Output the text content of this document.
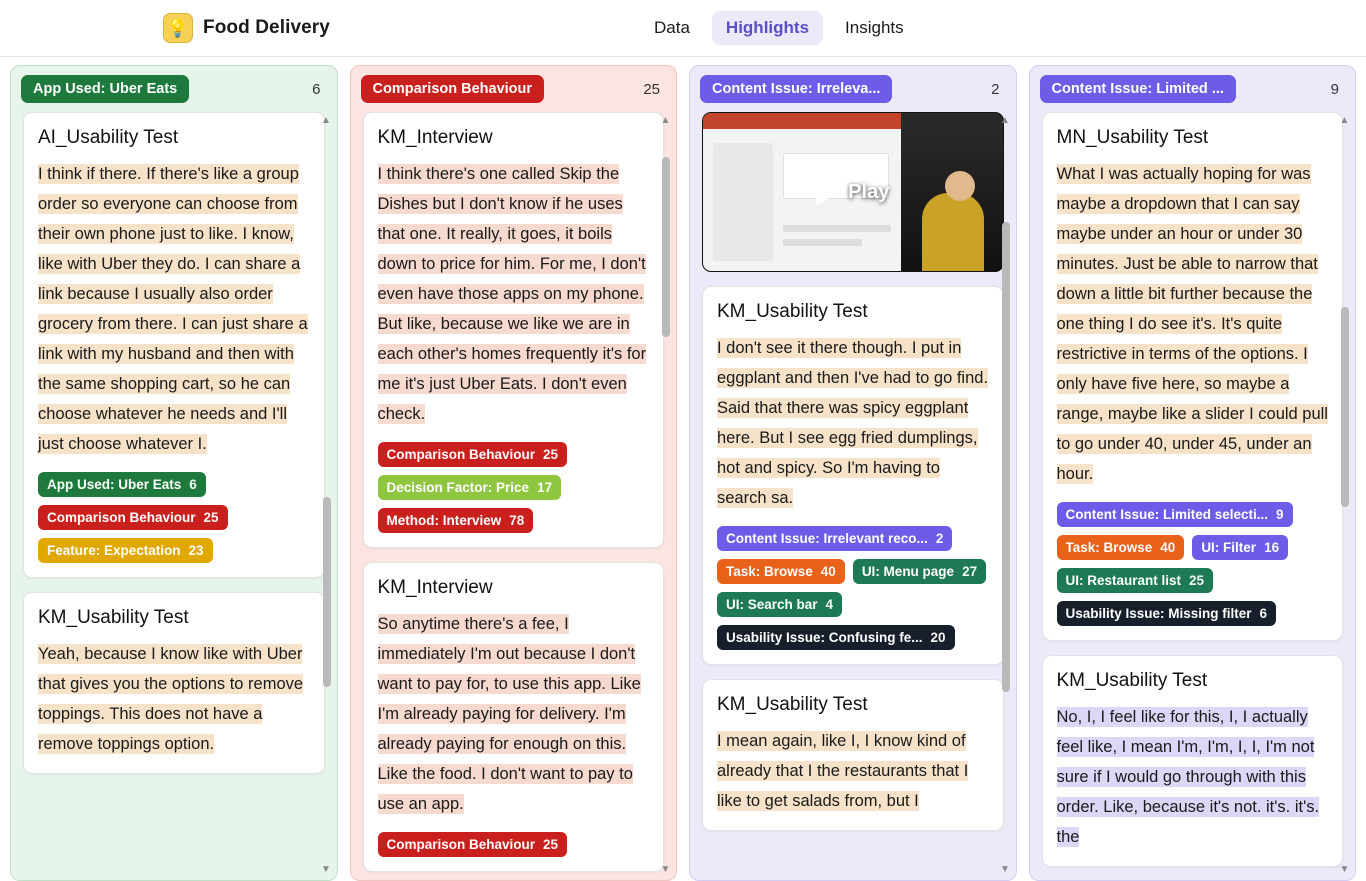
💡 Food Delivery	Data	Highlights	Insights
App Used: Uber Eats	6
AI_Usability Test
I think if there. If there's like a group order so everyone can choose from their own phone just to like. I know, like with Uber they do. I can share a link because I usually also order grocery from there. I can just share a link with my husband and then with the same shopping cart, so he can choose whatever he needs and I'll just choose whatever I.
App Used: Uber Eats 6
Comparison Behaviour 25
Feature: Expectation 23
KM_Usability Test
Yeah, because I know like with Uber that gives you the options to remove toppings. This does not have a remove toppings option.
▲
▼
Comparison Behaviour	25
KM_Interview
I think there's one called Skip the Dishes but I don't know if he uses that one. It really, it goes, it boils down to price for him. For me, I don't even have those apps on my phone. But like, because we like we are in each other's homes frequently it's for me it's just Uber Eats. I don't even check.
Comparison Behaviour 25
Decision Factor: Price 17
Method: Interview 78
KM_Interview
So anytime there's a fee, I immediately I'm out because I don't want to pay for, to use this app. Like I'm already paying for delivery. I'm already paying for enough on this. Like the food. I don't want to pay to use an app.
Comparison Behaviour 25
▲
▼
Content Issue: Irreleva...	2
Play
KM_Usability Test
I don't see it there though. I put in eggplant and then I've had to go find. Said that there was spicy eggplant here. But I see egg fried dumplings, hot and spicy. So I'm having to search sa.
Content Issue: Irrelevant reco... 2
Task: Browse 40 UI: Menu page 27
UI: Search bar 4
Usability Issue: Confusing fe... 20
KM_Usability Test
I mean again, like I, I know kind of already that I the restaurants that I like to get salads from, but I
▲
▼
Content Issue: Limited ...	9
MN_Usability Test
What I was actually hoping for was maybe a dropdown that I can say maybe under an hour or under 30 minutes. Just be able to narrow that down a little bit further because the one thing I do see it's. It's quite restrictive in terms of the options. I only have five here, so maybe a range, maybe like a slider I could pull to go under 40, under 45, under an hour.
Content Issue: Limited selecti... 9
Task: Browse 40 UI: Filter 16
UI: Restaurant list 25
Usability Issue: Missing filter 6
KM_Usability Test
No, I, I feel like for this, I, I actually feel like, I mean I'm, I'm, I, I, I'm not sure if I would go through with this order. Like, because it's not. it's. it's. the
▲
▼
